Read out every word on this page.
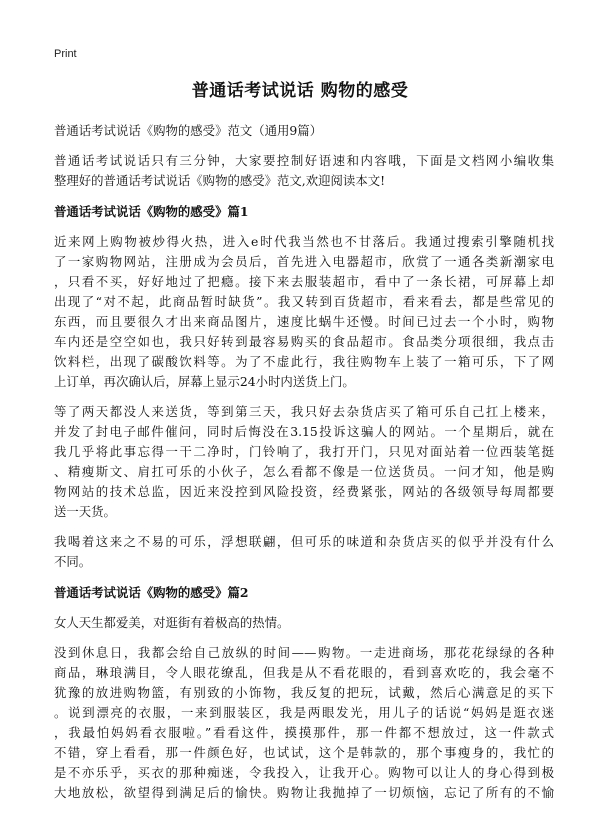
Print
普通话考试说话 购物的感受
普通话考试说话《购物的感受》范文（通用9篇）
普通话考试说话只有三分钟，大家要控制好语速和内容哦，下面是文档网小编收集
整理好的普通话考试说话《购物的感受》范文,欢迎阅读本文!
普通话考试说话《购物的感受》篇1
近来网上购物被炒得火热，进入e时代我当然也不甘落后。我通过搜索引擎随机找
了一家购物网站，注册成为会员后，首先进入电器超市，欣赏了一通各类新潮家电
，只看不买，好好地过了把瘾。接下来去服装超市，看中了一条长裙，可屏幕上却
出现了“对不起，此商品暂时缺货”。我又转到百货超市，看来看去，都是些常见的
东西，而且要很久才出来商品图片，速度比蜗牛还慢。时间已过去一个小时，购物
车内还是空空如也，我只好转到最容易购买的食品超市。食品类分项很细，我点击
饮料栏，出现了碳酸饮料等。为了不虚此行，我往购物车上装了一箱可乐，下了网
上订单，再次确认后，屏幕上显示24小时内送货上门。
等了两天都没人来送货，等到第三天，我只好去杂货店买了箱可乐自己扛上楼来，
并发了封电子邮件催问，同时后悔没在3.15投诉这骗人的网站。一个星期后，就在
我几乎将此事忘得一干二净时，门铃响了，我打开门，只见对面站着一位西装笔挺
、精瘦斯文、肩扛可乐的小伙子，怎么看都不像是一位送货员。一问才知，他是购
物网站的技术总监，因近来没控到风险投资，经费紧张，网站的各级领导每周都要
送一天货。
我喝着这来之不易的可乐，浮想联翩，但可乐的味道和杂货店买的似乎并没有什么
不同。
普通话考试说话《购物的感受》篇2
女人天生都爱美，对逛街有着极高的热情。
没到休息日，我都会给自己放纵的时间——购物。一走进商场，那花花绿绿的各种
商品，琳琅满目，令人眼花缭乱，但我是从不看花眼的，看到喜欢吃的，我会毫不
犹豫的放进购物篮，有别致的小饰物，我反复的把玩，试戴，然后心满意足的买下
。说到漂亮的衣服，一来到服装区，我是两眼发光，用儿子的话说“妈妈是逛衣迷
，我最怕妈妈看衣服啦。”看看这件，摸摸那件，那一件都不想放过，这一件款式
不错，穿上看看，那一件颜色好，也试试，这个是韩款的，那个事瘦身的，我忙的
是不亦乐乎，买衣的那种痴迷，令我投入，让我开心。购物可以让人的身心得到极
大地放松，欲望得到满足后的愉快。购物让我抛掉了一切烦恼，忘记了所有的不愉
